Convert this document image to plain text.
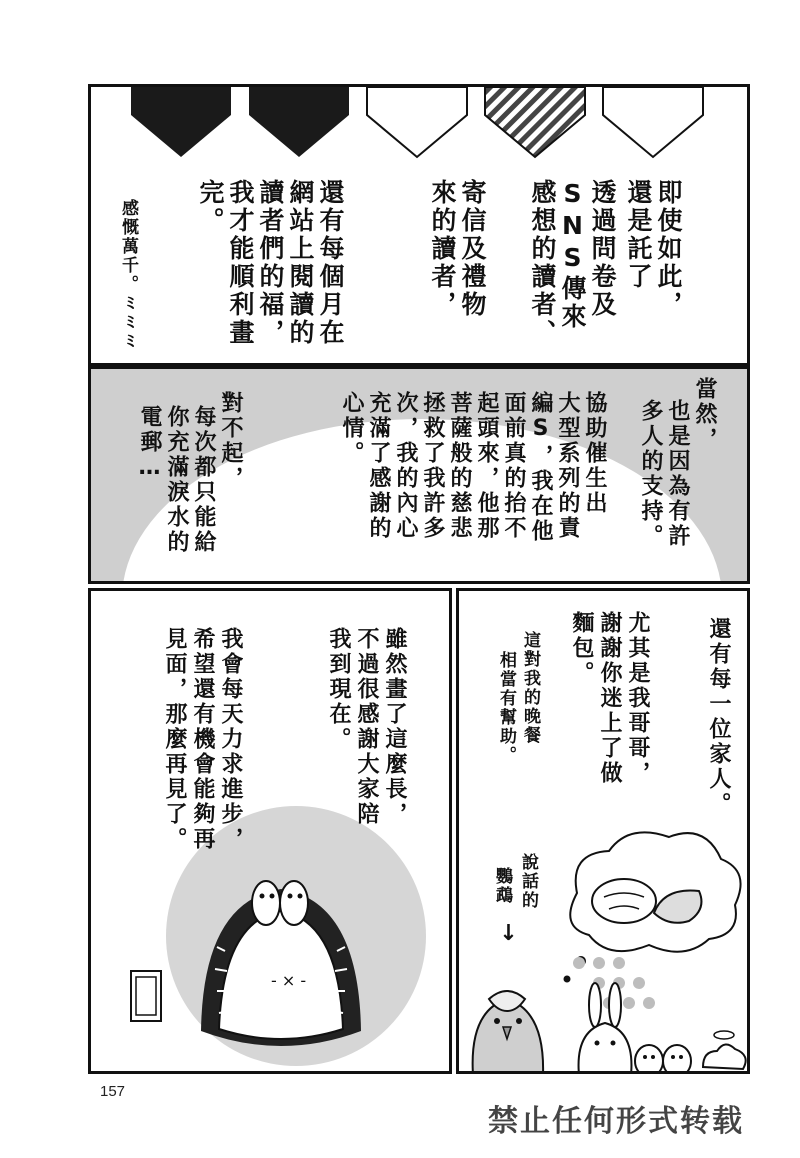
即使如此，
還是託了
透過問卷及
SNS傳來
感想的讀者、
寄信及禮物
來的讀者，
還有每個月在
網站上閱讀的
讀者們的福，
我才能順利畫
完。
感慨萬千。ﾐﾐﾐ
當然，
也是因為有許
多人的支持。
協助催生出
大型系列的責
編S，我在他
面前真的抬不
起頭來，他那
菩薩般的慈悲
拯救了我許多
次，我的內心
充滿了感謝的
心情。
對不起，
每次都只能給
你充滿淚水的
電郵…
- × -
雖然畫了這麼長，
不過很感謝大家陪
我到現在。
我會每天力求進步，
希望還有機會能夠再
見面，那麼再見了。	還有每一位家人。
尤其是我哥哥，
謝謝你迷上了做
麵包。
這對我的晚餐
相當有幫助。
說話的
鸚鵡
↓
157
禁止任何形式转载
